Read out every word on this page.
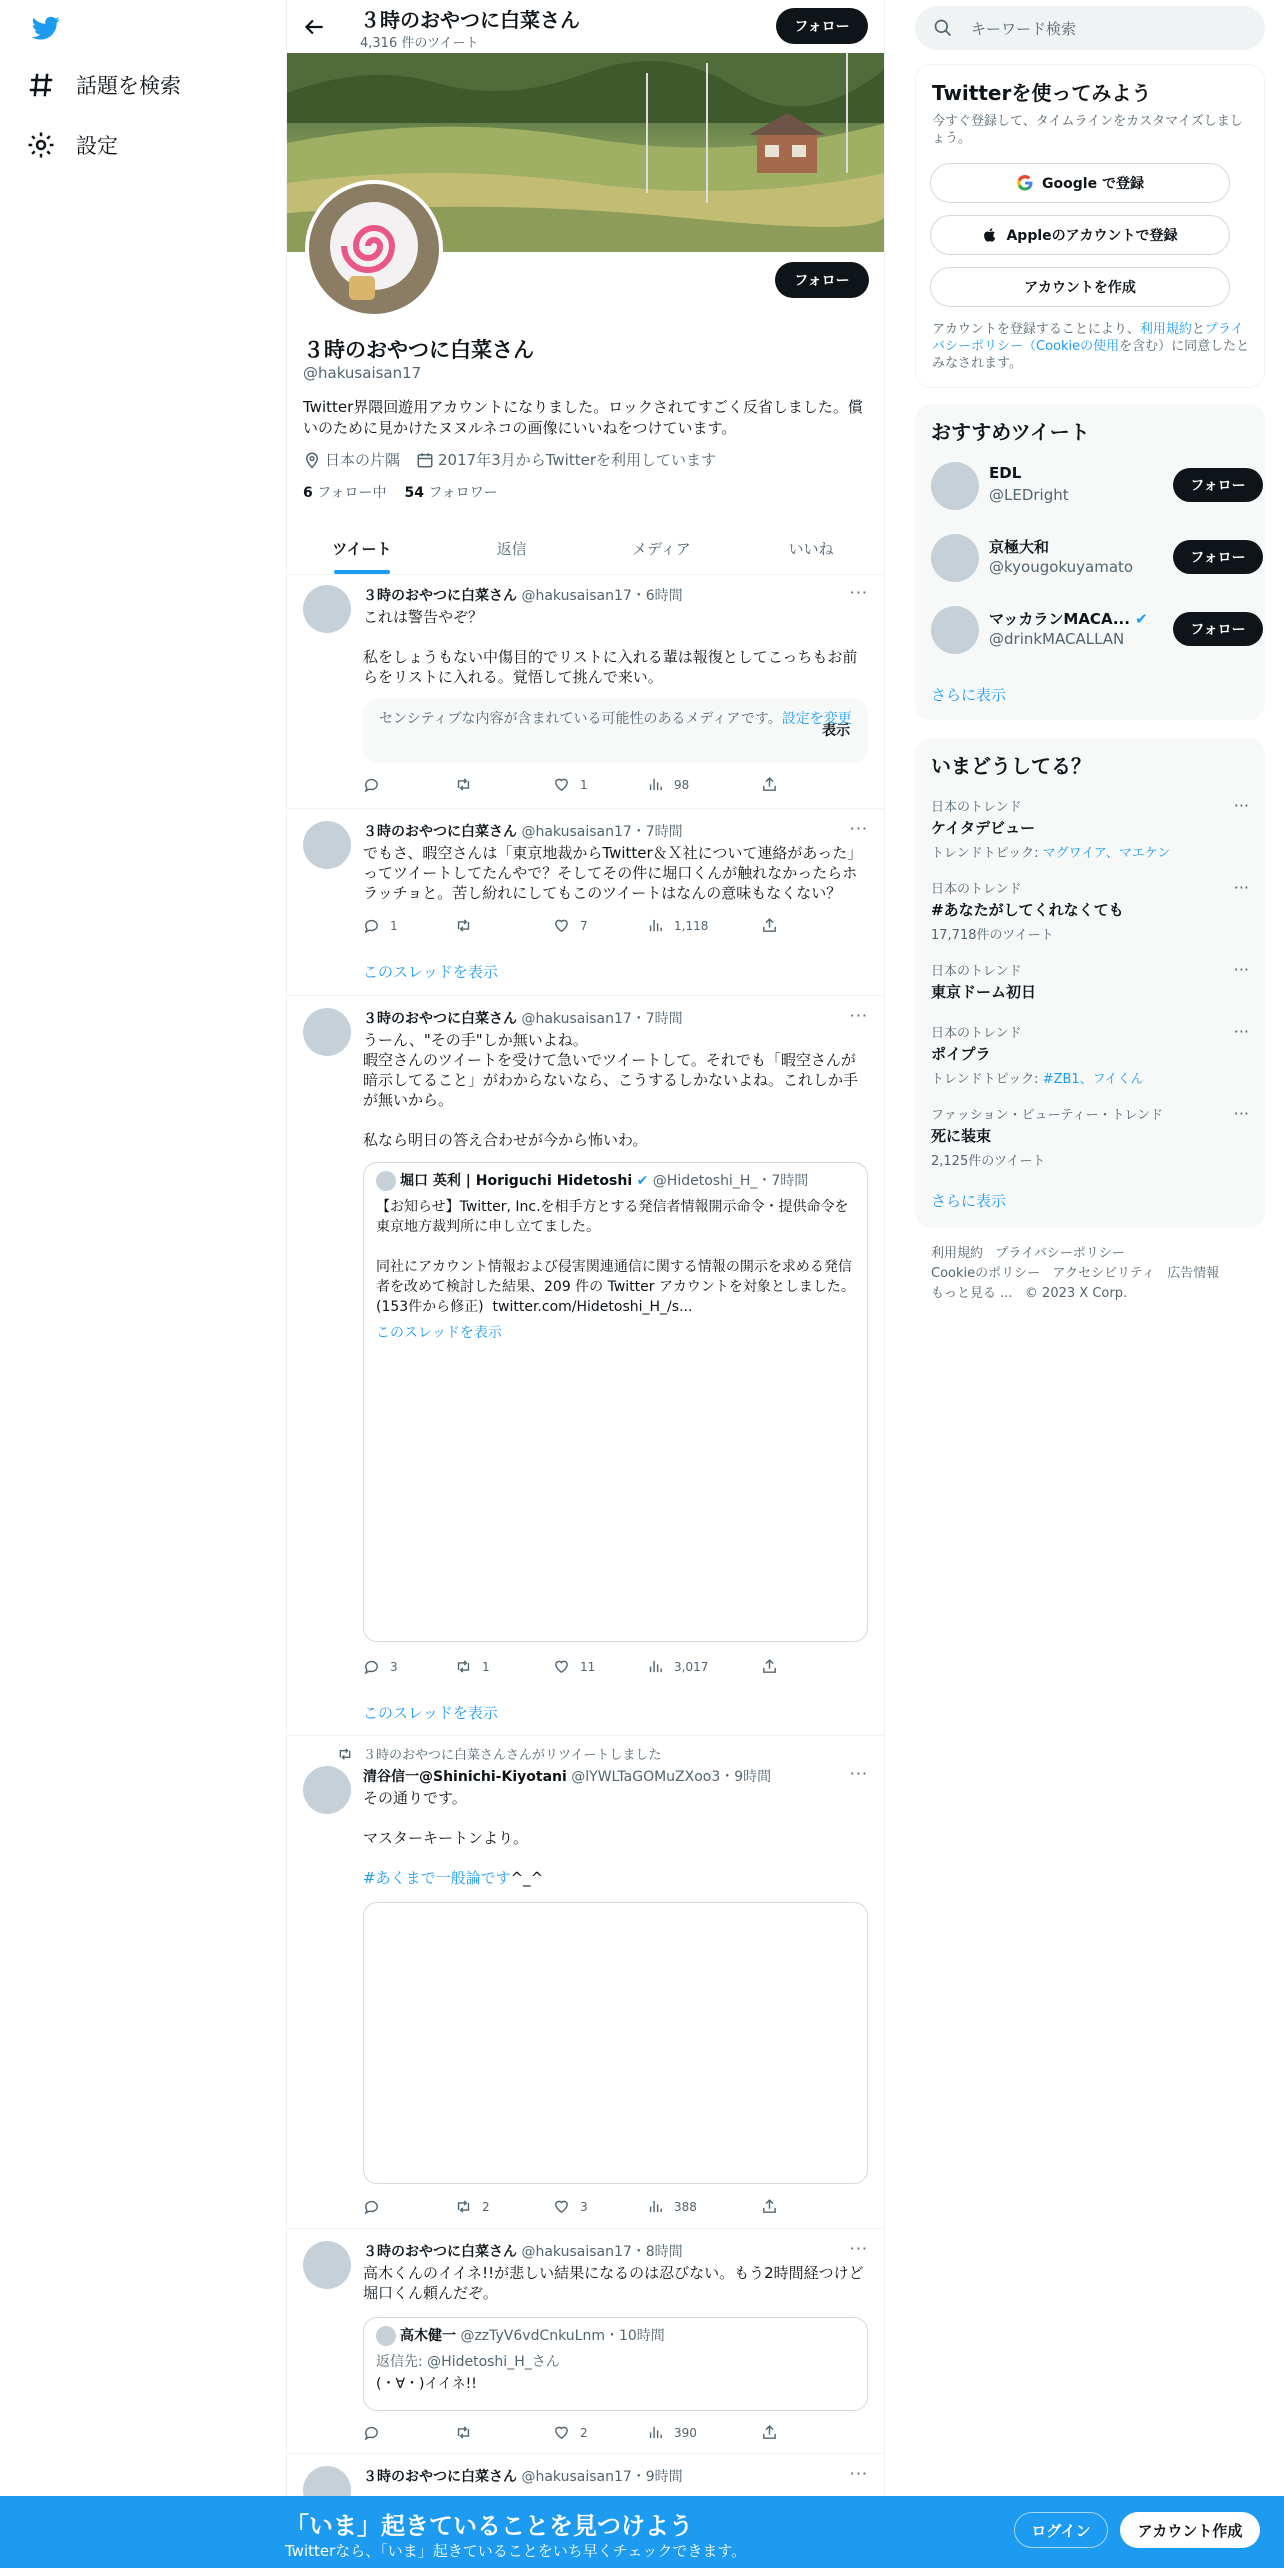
話題を検索
設定
３時のおやつに白菜さん
4,316 件のツイート
フォロー
フォロー
３時のおやつに白菜さん
@hakusaisan17
Twitter界隈回遊用アカウントになりました。ロックされてすごく反省しました。償いのために見かけたヌヌルネコの画像にいいねをつけています。
日本の片隅	2017年3月からTwitterを利用しています
6 フォロー中 54 フォロワー
ツイート	返信	メディア	いいね
３時のおやつに白菜さん @hakusaisan17・6時間	···
これは警告やぞ？

私をしょうもない中傷目的でリストに入れる輩は報復としてこっちもお前らをリストに入れる。覚悟して挑んで来い。
センシティブな内容が含まれている可能性のあるメディアです。設定を変更
表示
1	98
３時のおやつに白菜さん @hakusaisan17・7時間	···
でもさ、暇空さんは「東京地裁からTwitter＆Ｘ社について連絡があった」ってツイートしてたんやで？そしてその件に堀口くんが触れなかったらホラッチョと。苦し紛れにしてもこのツイートはなんの意味もなくない？
1	7	1,118
このスレッドを表示
３時のおやつに白菜さん @hakusaisan17・7時間	···
うーん、"その手"しか無いよね。
暇空さんのツイートを受けて急いでツイートして。それでも「暇空さんが暗示してること」がわからないなら、こうするしかないよね。これしか手が無いから。

私なら明日の答え合わせが今から怖いわ。
堀口 英利 | Horiguchi Hidetoshi ✔ @Hidetoshi_H_・7時間
【お知らせ】Twitter, Inc.を相手方とする発信者情報開示命令・提供命令を東京地方裁判所に申し立てました。

同社にアカウント情報および侵害関連通信に関する情報の開示を求める発信者を改めて検討した結果、209 件の Twitter アカウントを対象としました。(153件から修正)  twitter.com/Hidetoshi_H_/s...
このスレッドを表示
3	1	11	3,017
このスレッドを表示
３時のおやつに白菜さんさんがリツイートしました
清谷信一@Shinichi-Kiyotani @lYWLTaGOMuZXoo3・9時間	···
その通りです。

マスターキートンより。
#あくまで一般論です^_^
2	3	388
３時のおやつに白菜さん @hakusaisan17・8時間	···
高木くんのイイネ!!が悲しい結果になるのは忍びない。もう2時間経つけど堀口くん頼んだぞ。
高木健一 @zzTyV6vdCnkuLnm・10時間
返信先: @Hidetoshi_H_さん
(・∀・)イイネ!!
2	390
３時のおやつに白菜さん @hakusaisan17・9時間	···
キーワード検索
Twitterを使ってみよう
今すぐ登録して、タイムラインをカスタマイズしましょう。
Google で登録
Appleのアカウントで登録
アカウントを作成
アカウントを登録することにより、利用規約とプライバシーポリシー（Cookieの使用を含む）に同意したとみなされます。
おすすめツイート
EDL
@LEDright	フォロー
京極大和
@kyougokuyamato	フォロー
マッカランMACA... ✔
@drinkMACALLAN	フォロー
さらに表示
いまどうしてる？
日本のトレンド
ケイタデビュー
トレンドトピック: マグワイア、マエケン
···
日本のトレンド
#あなたがしてくれなくても
17,718件のツイート
···
日本のトレンド
東京ドーム初日
···
日本のトレンド
ポイプラ
トレンドトピック: #ZB1、フイくん
···
ファッション・ビューティー・トレンド
死に装束
2,125件のツイート
···
さらに表示
利用規約   プライバシーポリシー
Cookieのポリシー   アクセシビリティ   広告情報
もっと見る ...   © 2023 X Corp.
「いま」起きていることを見つけよう
Twitterなら、「いま」起きていることをいち早くチェックできます。
ログイン	アカウント作成
